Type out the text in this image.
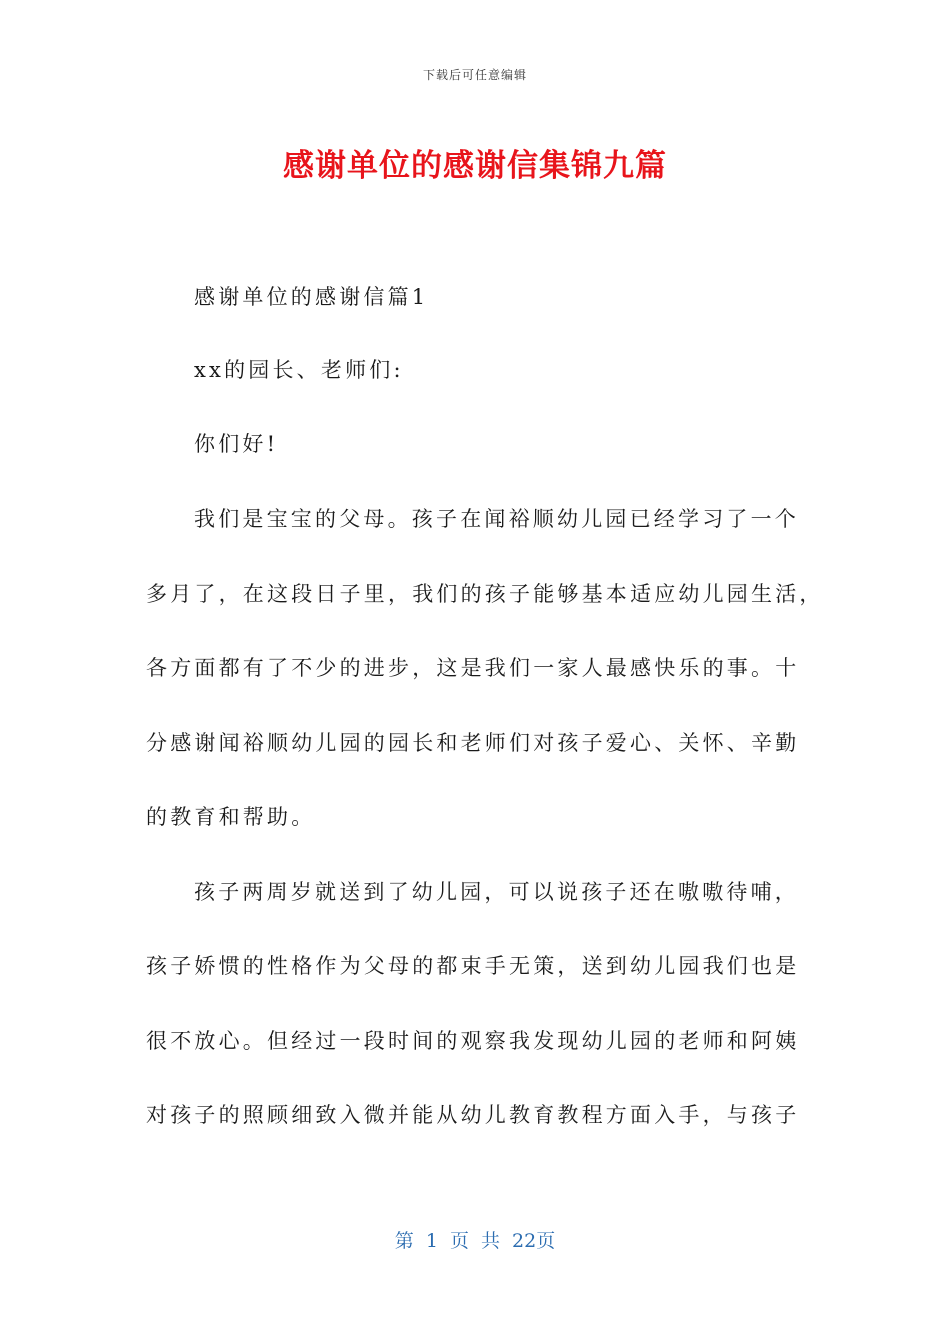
下载后可任意编辑
感谢单位的感谢信集锦九篇
感谢单位的感谢信篇1
xx的园长、老师们:
你们好!
我们是宝宝的父母。孩子在闻裕顺幼儿园已经学习了一个
多月了，在这段日子里，我们的孩子能够基本适应幼儿园生活，
各方面都有了不少的进步，这是我们一家人最感快乐的事。十
分感谢闻裕顺幼儿园的园长和老师们对孩子爱心、关怀、辛勤
的教育和帮助。
孩子两周岁就送到了幼儿园，可以说孩子还在嗷嗷待哺，
孩子娇惯的性格作为父母的都束手无策，送到幼儿园我们也是
很不放心。但经过一段时间的观察我发现幼儿园的老师和阿姨
对孩子的照顾细致入微并能从幼儿教育教程方面入手，与孩子
第 1 页 共 22页
